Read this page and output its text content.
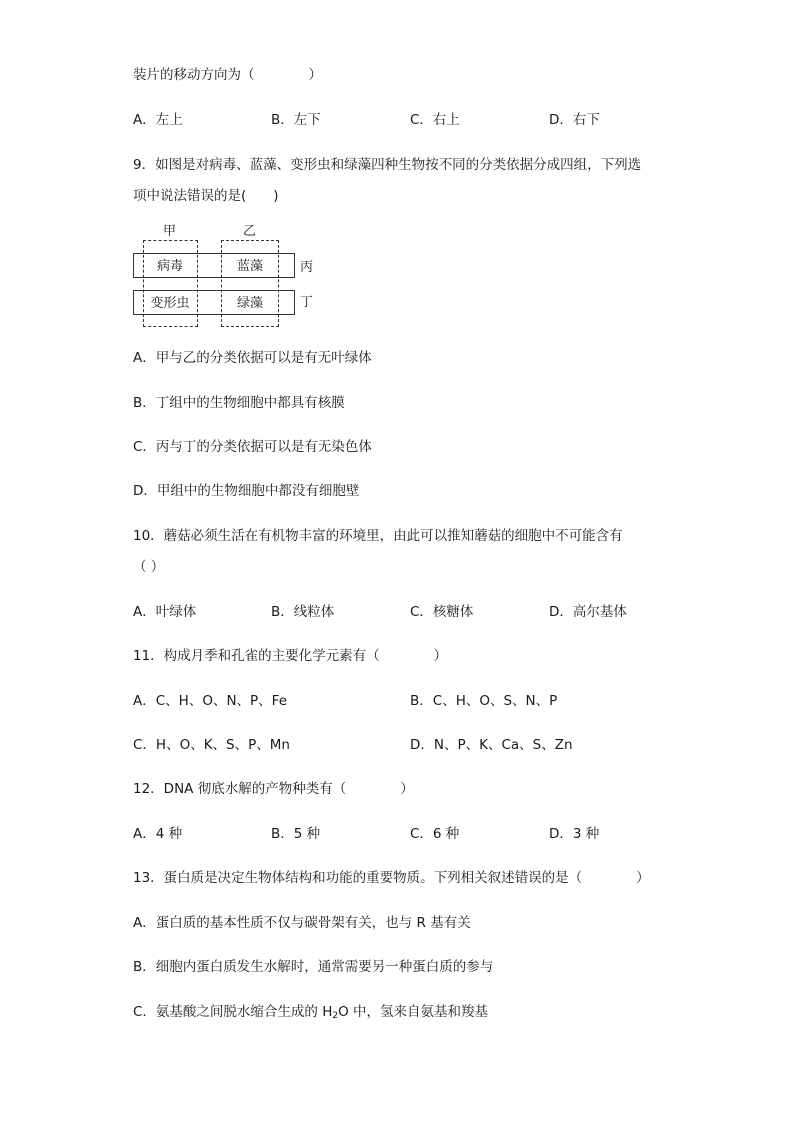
装片的移动方向为（　　　　）
A．左上	B．左下	C．右上	D．右下
9．如图是对病毒、蓝藻、变形虫和绿藻四种生物按不同的分类依据分成四组，下列选
项中说法错误的是(　　)
甲	乙
病毒	蓝藻
变形虫	绿藻
丙
丁
A．甲与乙的分类依据可以是有无叶绿体
B．丁组中的生物细胞中都具有核膜
C．丙与丁的分类依据可以是有无染色体
D．甲组中的生物细胞中都没有细胞壁
10．蘑菇必须生活在有机物丰富的环境里，由此可以推知蘑菇的细胞中不可能含有
（ ）
A．叶绿体	B．线粒体	C．核糖体	D．高尔基体
11．构成月季和孔雀的主要化学元素有（　　　　）
A．C、H、O、N、P、Fe	B．C、H、O、S、N、P
C．H、O、K、S、P、Mn	D．N、P、K、Ca、S、Zn
12．DNA 彻底水解的产物种类有（　　　　）
A．4 种	B．5 种	C．6 种	D．3 种
13．蛋白质是决定生物体结构和功能的重要物质。下列相关叙述错误的是（　　　　）
A．蛋白质的基本性质不仅与碳骨架有关，也与 R 基有关
B．细胞内蛋白质发生水解时，通常需要另一种蛋白质的参与
C．氨基酸之间脱水缩合生成的 $H_2O$ 中，氢来自氨基和羧基
